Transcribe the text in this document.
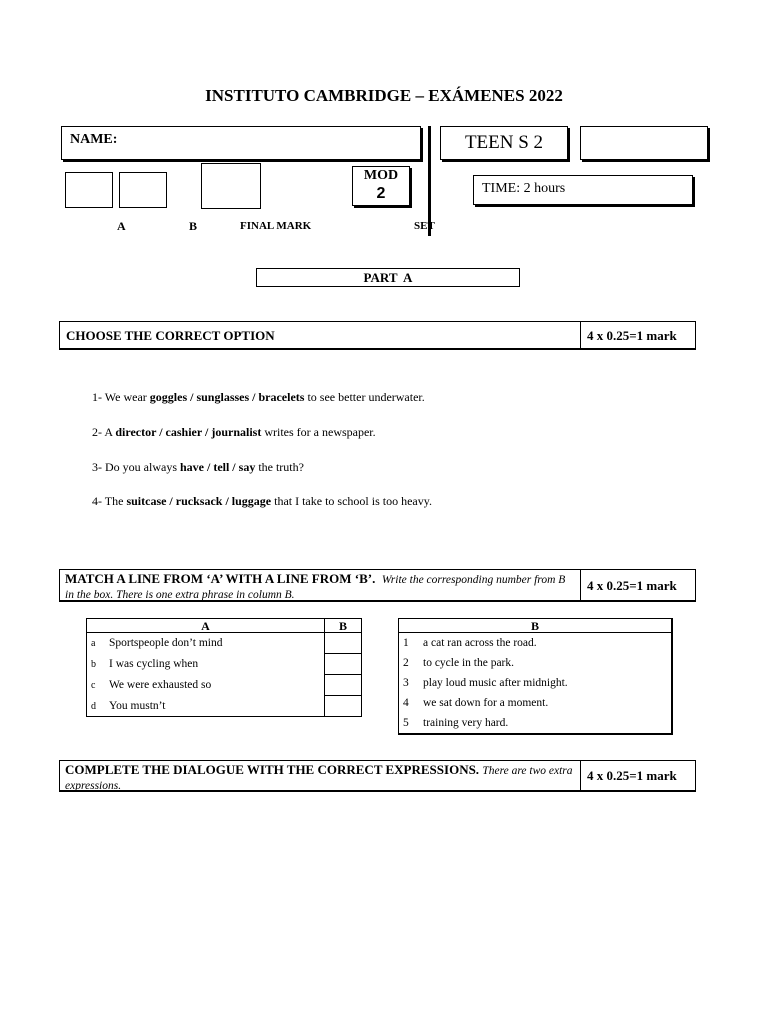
INSTITUTO CAMBRIDGE – EXÁMENES 2022
NAME:	TEEN S 2
MOD
2	TIME: 2 hours
A	B	FINAL MARK	SET
PART  A
CHOOSE THE CORRECT OPTION	4 x 0.25=1 mark
1- We wear goggles / sunglasses / bracelets to see better underwater.
2- A director / cashier / journalist writes for a newspaper.
3- Do you always have / tell / say the truth?
4- The suitcase / rucksack / luggage that I take to school is too heavy.
MATCH A LINE FROM ‘A’ WITH A LINE FROM ‘B’. Write the corresponding number from B in the box. There is one extra phrase in column B.
4 x 0.25=1 mark
A	B
a Sportspeople don’t mind	
b I was cycling when	
c We were exhausted so	
d You mustn’t	
B	
1	a cat ran across the road.
2	to cycle in the park.
3	play loud music after midnight.
4	we sat down for a moment.
5	training very hard.
COMPLETE THE DIALOGUE WITH THE CORRECT EXPRESSIONS. There are two extra expressions.
4 x 0.25=1 mark
